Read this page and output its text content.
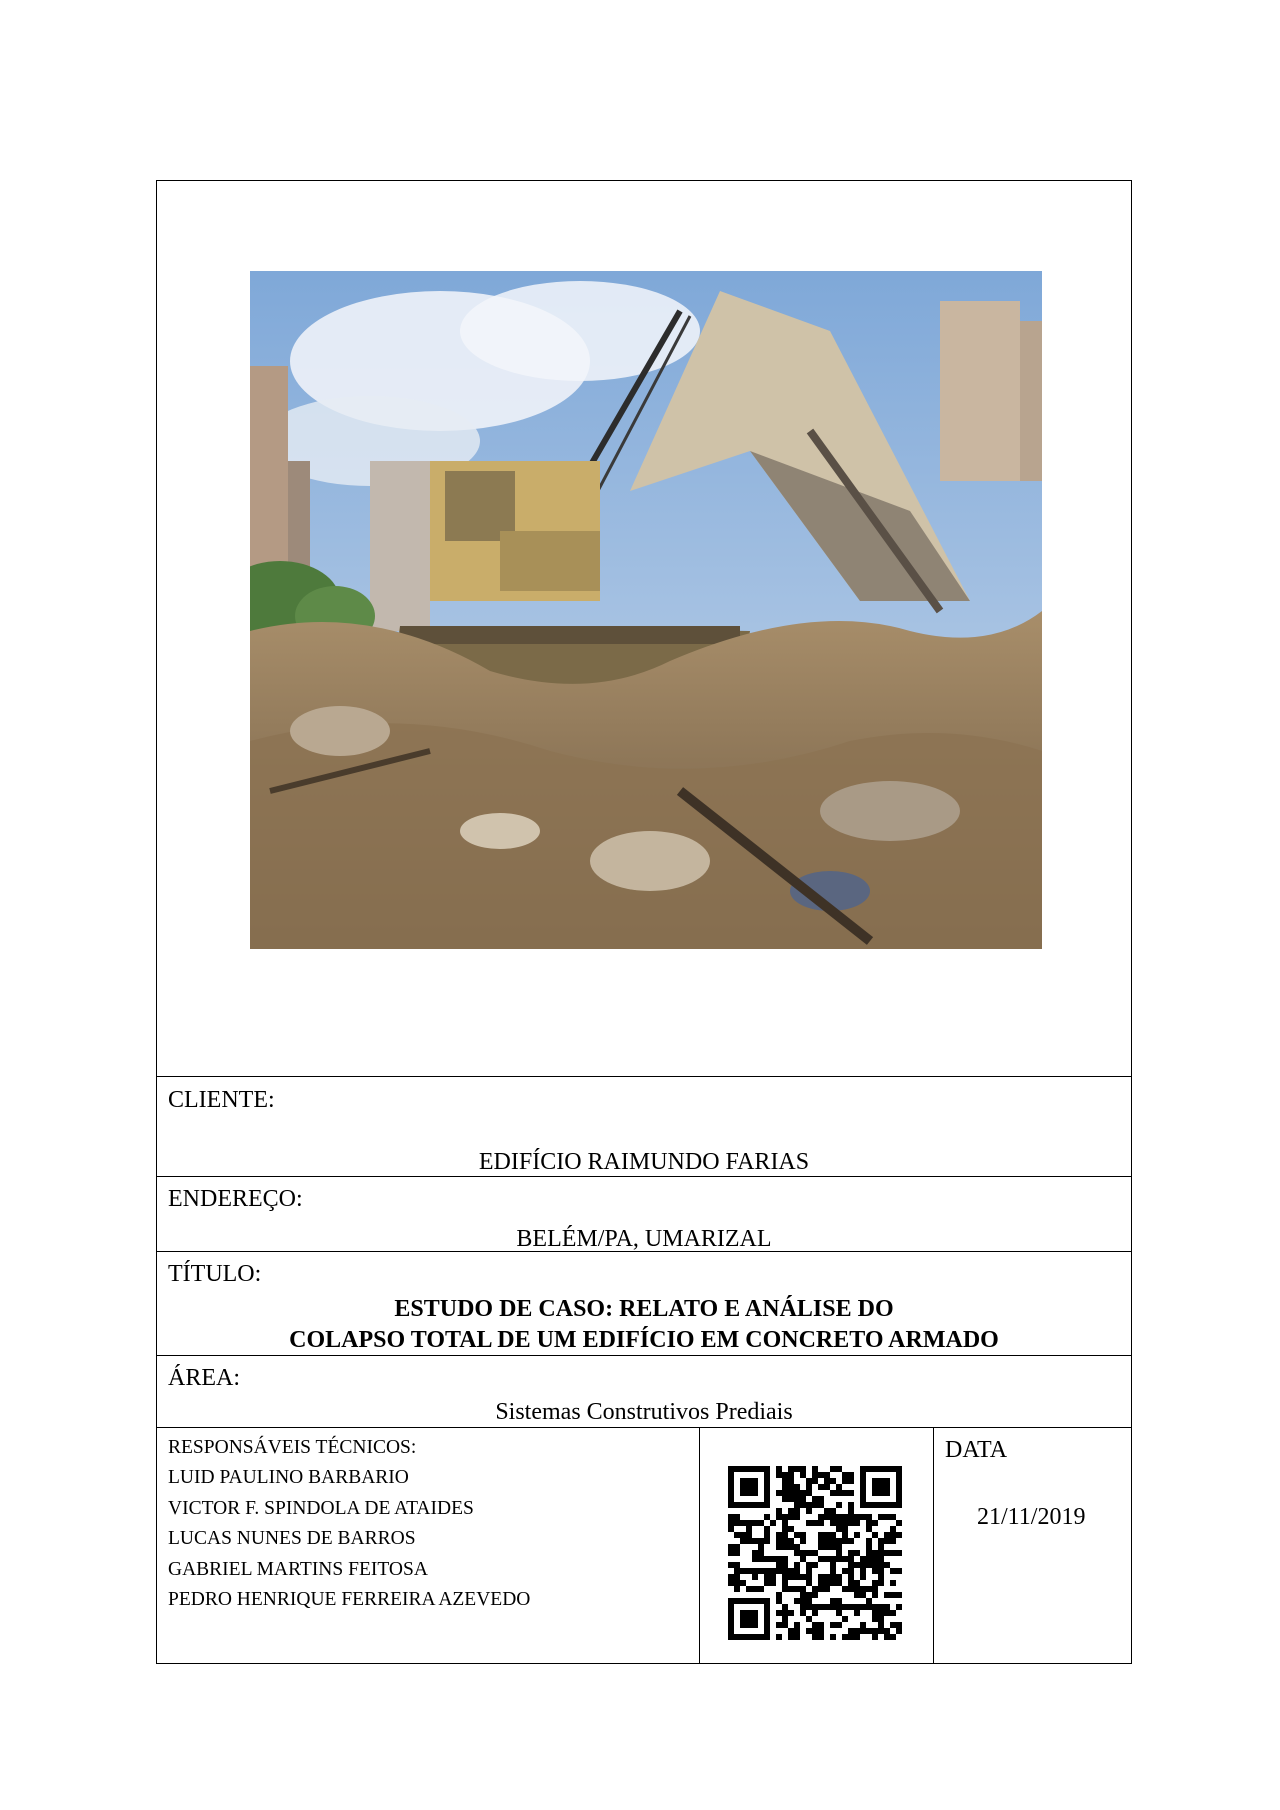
CLIENTE:
EDIFÍCIO RAIMUNDO FARIAS
ENDEREÇO:
BELÉM/PA, UMARIZAL
TÍTULO:
ESTUDO DE CASO: RELATO E ANÁLISE DO
COLAPSO TOTAL DE UM EDIFÍCIO EM CONCRETO ARMADO
ÁREA:
Sistemas Construtivos Prediais
RESPONSÁVEIS TÉCNICOS:
LUID PAULINO BARBARIO
VICTOR F. SPINDOLA DE ATAIDES
LUCAS NUNES DE BARROS
GABRIEL MARTINS FEITOSA
PEDRO HENRIQUE FERREIRA AZEVEDO
DATA
21/11/2019
